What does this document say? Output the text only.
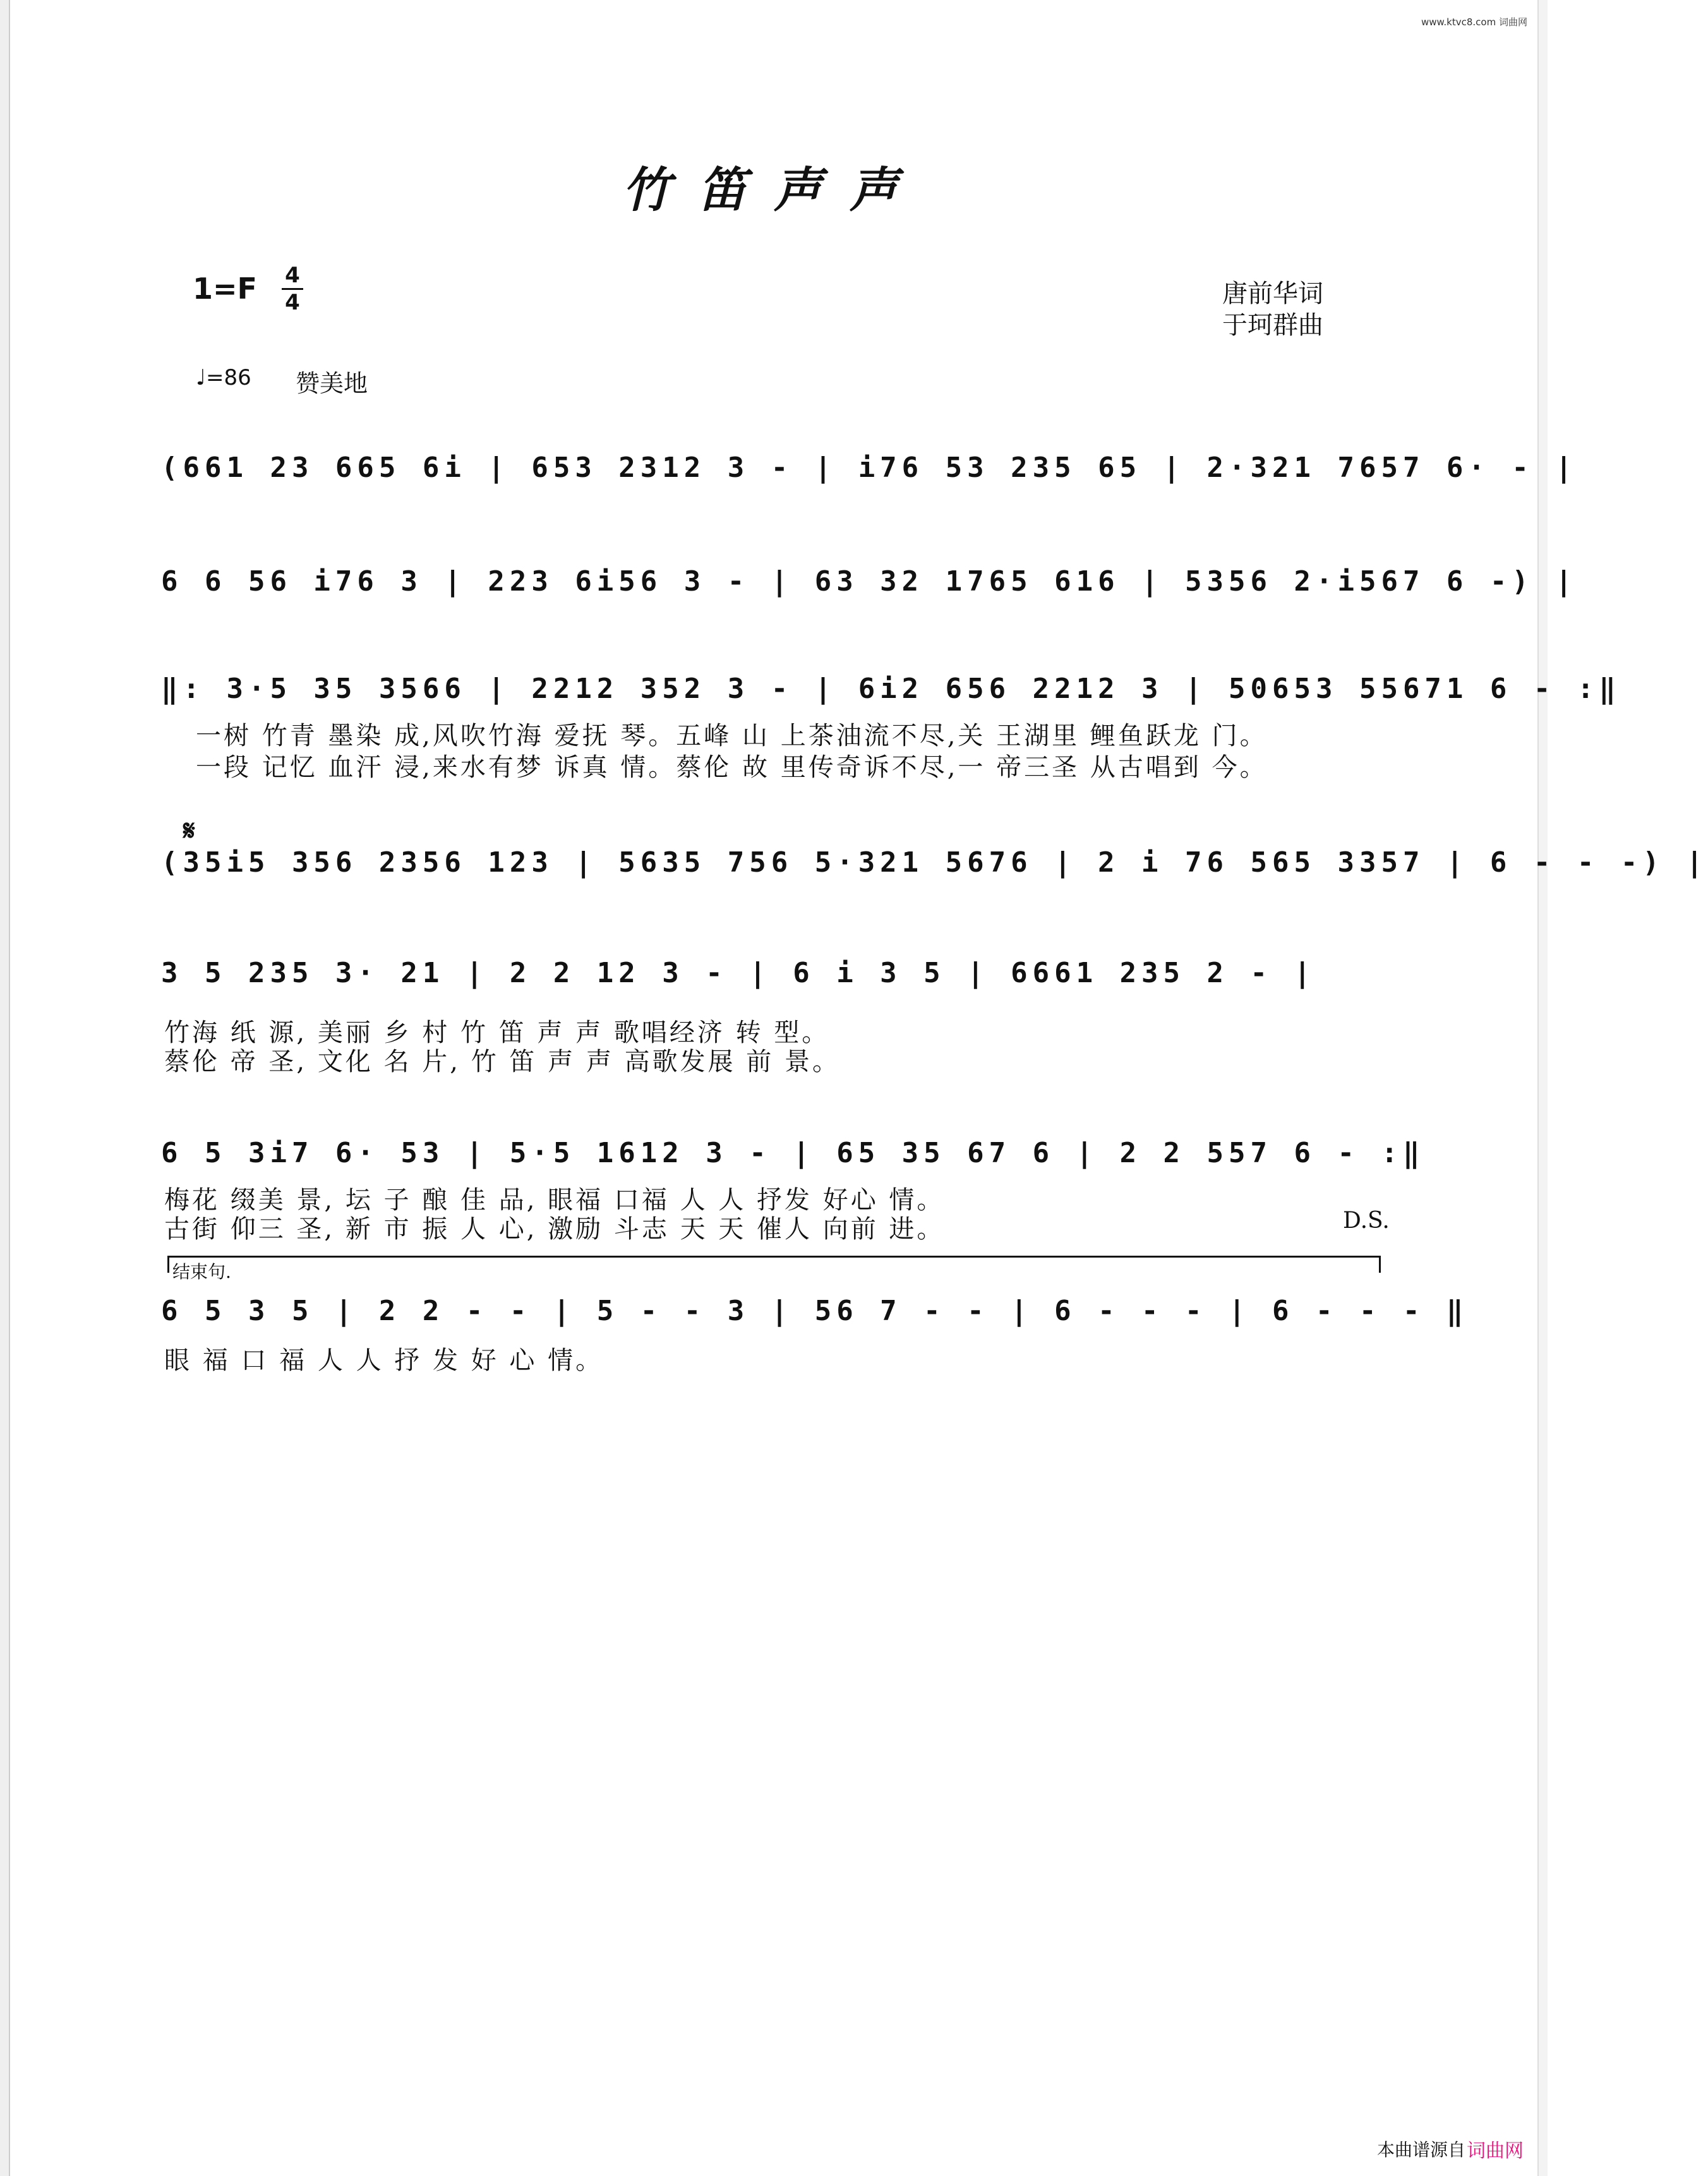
www.ktvc8.com 词曲网
竹笛声声
1=F 4
4	唐前华词
于珂群曲
♩=86 赞美地
𝄋
D.S.
结束句.
(661 23 665 6i | 653 2312 3 - | i76 53 235 65 | 2·321 7657 6· - |
6 6 56 i76 3 | 223 6i56 3 - | 63 32 1765 616 | 5356 2·i567 6 -) |
‖: 3·5 35 3566 | 2212 352 3 - | 6i2 656 2212 3 | 50653 55671 6 - :‖
一树 竹青 墨染 成,风吹竹海 爱抚 琴。五峰 山 上茶油流不尽,关 王湖里 鲤鱼跃龙 门。
一段 记忆 血汗 浸,来水有梦 诉真 情。蔡伦 故 里传奇诉不尽,一 帝三圣 从古唱到 今。
(35i5 356 2356 123 | 5635 756 5·321 5676 | 2 i 76 565 3357 | 6 - - -) |
3 5 235 3· 21 | 2 2 12 3 - | 6 i 3 5 | 6661 235 2 - |
竹海 纸 源, 美丽 乡 村 竹 笛 声 声 歌唱经济 转 型。
蔡伦 帝 圣, 文化 名 片, 竹 笛 声 声 高歌发展 前 景。
6 5 3i7 6· 53 | 5·5 1612 3 - | 65 35 67 6 | 2 2 557 6 - :‖
梅花 缀美 景, 坛 子 酿 佳 品, 眼福 口福 人 人 抒发 好心 情。
古街 仰三 圣, 新 市 振 人 心, 激励 斗志 天 天 催人 向前 进。
6 5 3 5 | 2 2 - - | 5 - - 3 | 56 7 - - | 6 - - - | 6 - - - ‖
眼 福 口 福 人 人 抒 发 好 心 情。
本曲谱源自 词曲网
